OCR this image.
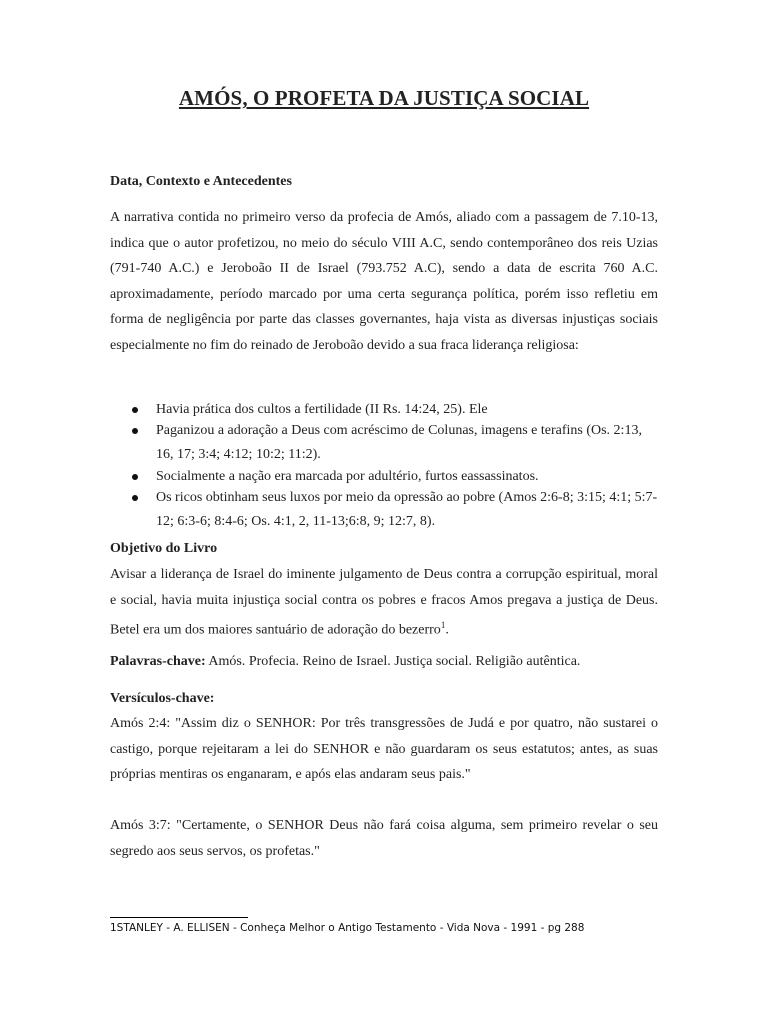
AMÓS, O PROFETA DA JUSTIÇA SOCIAL
Data, Contexto e Antecedentes

A narrativa contida no primeiro verso da profecia de Amós, aliado com a passagem de 7.10-13, indica que o autor profetizou, no meio do século VIII A.C, sendo contemporâneo dos reis Uzias (791-740 A.C.) e Jeroboão II de Israel (793.752 A.C), sendo a data de escrita 760 A.C. aproximadamente, período marcado por uma certa segurança política, porém isso refletiu em forma de negligência por parte das classes governantes, haja vista as diversas injustiças sociais especialmente no fim do reinado de Jeroboão devido a sua fraca liderança religiosa:

Havia prática dos cultos a fertilidade (II Rs. 14:24, 25). Ele
Paganizou a adoração a Deus com acréscimo de Colunas, imagens e terafins (Os. 2:13, 16, 17; 3:4; 4:12; 10:2; 11:2).
Socialmente a nação era marcada por adultério, furtos eassassinatos.
Os ricos obtinham seus luxos por meio da opressão ao pobre (Amos 2:6-8; 3:15; 4:1; 5:7-12; 6:3-6; 8:4-6; Os. 4:1, 2, 11-13;6:8, 9; 12:7, 8).
Objetivo do Livro

Avisar a liderança de Israel do iminente julgamento de Deus contra a corrupção espiritual, moral e social, havia muita injustiça social contra os pobres e fracos Amos pregava a justiça de Deus. Betel era um dos maiores santuário de adoração do bezerro$^1$.

Palavras-chave: Amós. Profecia. Reino de Israel. Justiça social. Religião autêntica.
Versículos-chave:

Amós 2:4: "Assim diz o SENHOR: Por três transgressões de Judá e por quatro, não sustarei o castigo, porque rejeitaram a lei do SENHOR e não guardaram os seus estatutos; antes, as suas próprias mentiras os enganaram, e após elas andaram seus pais."

Amós 3:7: "Certamente, o SENHOR Deus não fará coisa alguma, sem primeiro revelar o seu segredo aos seus servos, os profetas."

1STANLEY - A. ELLISEN - Conheça Melhor o Antigo Testamento - Vida Nova - 1991 - pg 288
